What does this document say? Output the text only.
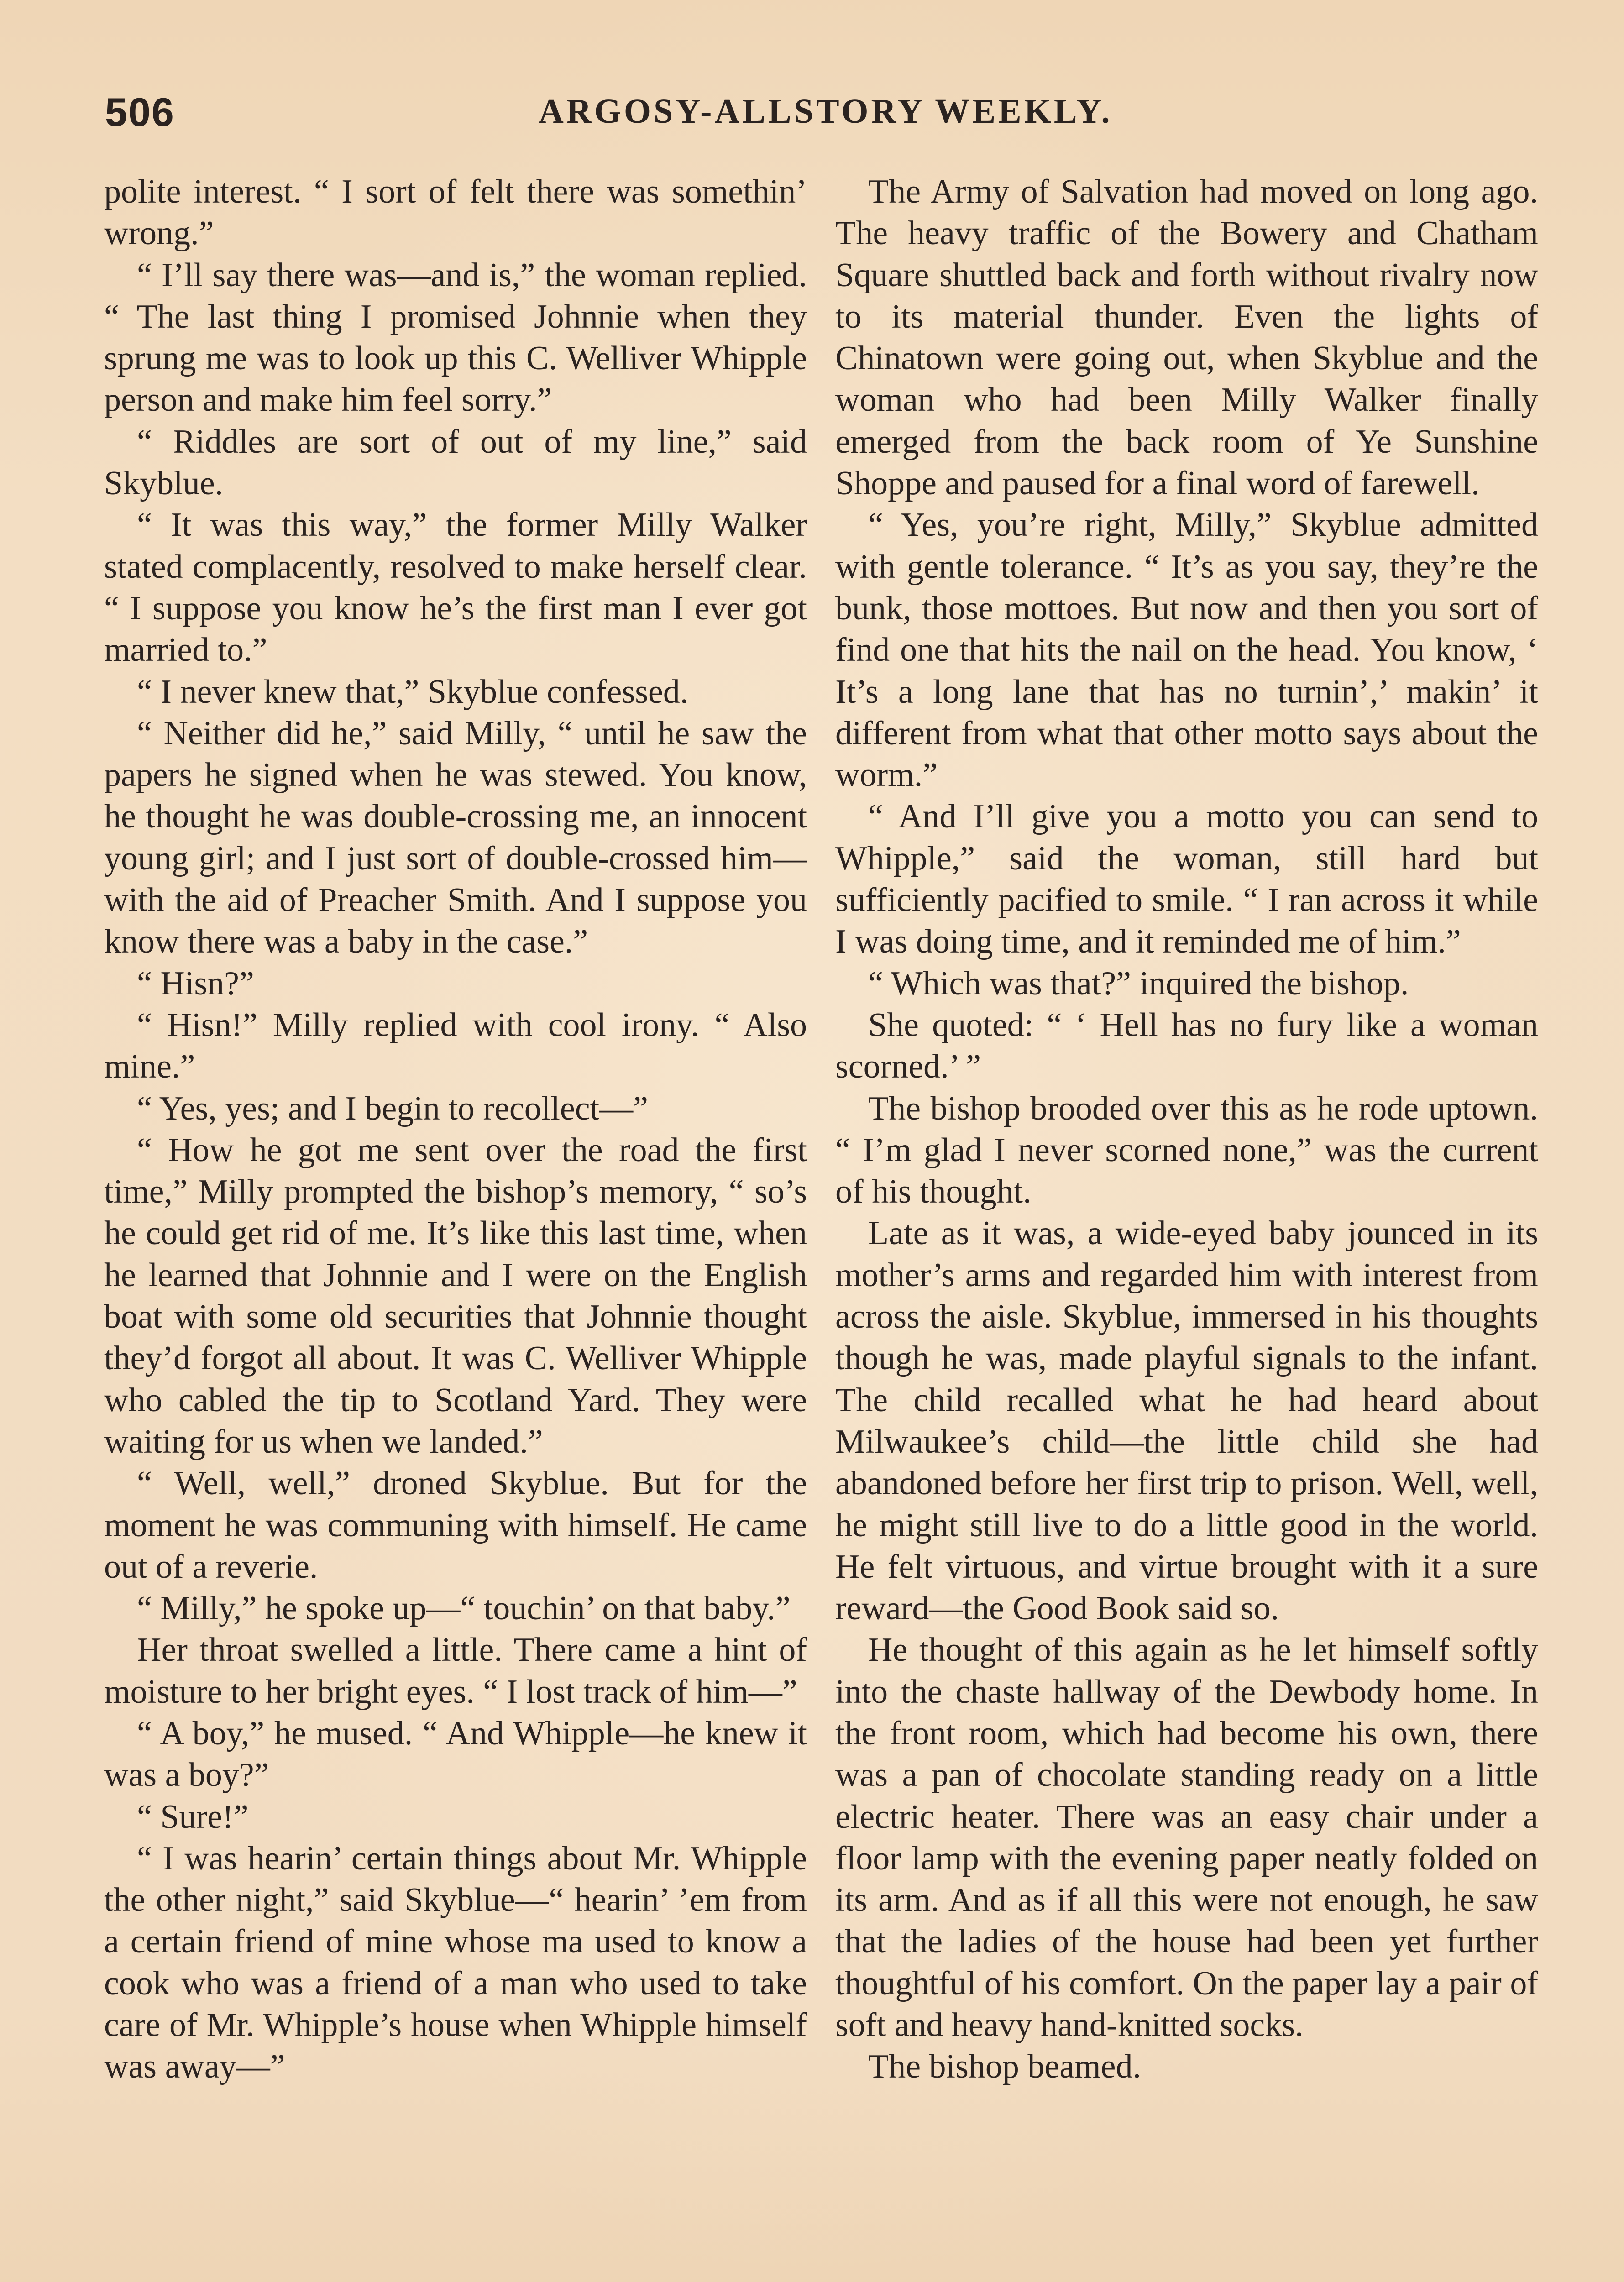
506	ARGOSY-ALLSTORY WEEKLY.

polite interest. “ I sort of felt there was somethin’ wrong.”

“ I’ll say there was—and is,” the woman replied. “ The last thing I promised Johnnie when they sprung me was to look up this C. Welliver Whipple person and make him feel sorry.”

“ Riddles are sort of out of my line,” said Skyblue.

“ It was this way,” the former Milly Walker stated complacently, resolved to make herself clear. “ I suppose you know he’s the first man I ever got married to.”

“ I never knew that,” Skyblue confessed.

“ Neither did he,” said Milly, “ until he saw the papers he signed when he was stewed. You know, he thought he was double-crossing me, an innocent young girl; and I just sort of double-crossed him—with the aid of Preacher Smith. And I suppose you know there was a baby in the case.”

“ Hisn?”

“ Hisn!” Milly replied with cool irony. “ Also mine.”

“ Yes, yes; and I begin to recollect—”

“ How he got me sent over the road the first time,” Milly prompted the bishop’s memory, “ so’s he could get rid of me. It’s like this last time, when he learned that Johnnie and I were on the English boat with some old securities that Johnnie thought they’d forgot all about. It was C. Welliver Whipple who cabled the tip to Scotland Yard. They were waiting for us when we landed.”

“ Well, well,” droned Skyblue. But for the moment he was communing with himself. He came out of a reverie.

“ Milly,” he spoke up—“ touchin’ on that baby.”

Her throat swelled a little. There came a hint of moisture to her bright eyes. “ I lost track of him—”

“ A boy,” he mused. “ And Whipple—he knew it was a boy?”

“ Sure!”

“ I was hearin’ certain things about Mr. Whipple the other night,” said Skyblue—“ hearin’ ’em from a certain friend of mine whose ma used to know a cook who was a friend of a man who used to take care of Mr. Whipple’s house when Whipple himself was away—”

The Army of Salvation had moved on long ago. The heavy traffic of the Bowery and Chatham Square shuttled back and forth without rivalry now to its material thunder. Even the lights of Chinatown were going out, when Skyblue and the woman who had been Milly Walker finally emerged from the back room of Ye Sunshine Shoppe and paused for a final word of farewell.

“ Yes, you’re right, Milly,” Skyblue admitted with gentle tolerance. “ It’s as you say, they’re the bunk, those mottoes. But now and then you sort of find one that hits the nail on the head. You know, ‘ It’s a long lane that has no turnin’,’ makin’ it different from what that other motto says about the worm.”

“ And I’ll give you a motto you can send to Whipple,” said the woman, still hard but sufficiently pacified to smile. “ I ran across it while I was doing time, and it reminded me of him.”

“ Which was that?” inquired the bishop.

She quoted: “ ‘ Hell has no fury like a woman scorned.’ ”

The bishop brooded over this as he rode uptown. “ I’m glad I never scorned none,” was the current of his thought.

Late as it was, a wide-eyed baby jounced in its mother’s arms and regarded him with interest from across the aisle. Skyblue, immersed in his thoughts though he was, made playful signals to the infant. The child recalled what he had heard about Milwaukee’s child—the little child she had abandoned before her first trip to prison. Well, well, he might still live to do a little good in the world. He felt virtuous, and virtue brought with it a sure reward—the Good Book said so.

He thought of this again as he let himself softly into the chaste hallway of the Dewbody home. In the front room, which had become his own, there was a pan of chocolate standing ready on a little electric heater. There was an easy chair under a floor lamp with the evening paper neatly folded on its arm. And as if all this were not enough, he saw that the ladies of the house had been yet further thoughtful of his comfort. On the paper lay a pair of soft and heavy hand-knitted socks.

The bishop beamed.
